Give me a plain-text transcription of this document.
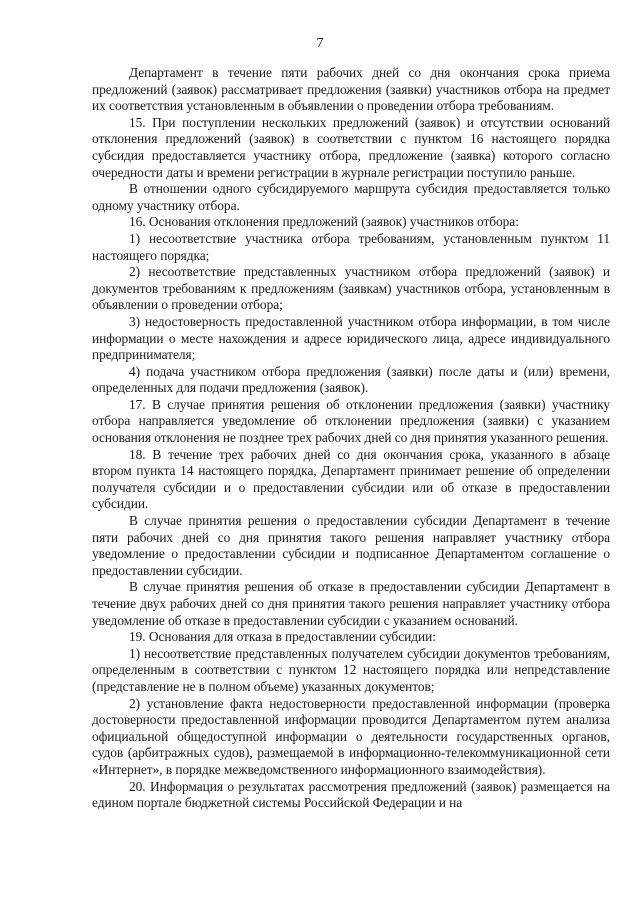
7

Департамент в течение пяти рабочих дней со дня окончания срока приема предложений (заявок) рассматривает предложения (заявки) участников отбора на предмет их соответствия установленным в объявлении о проведении отбора требованиям.

15. При поступлении нескольких предложений (заявок) и отсутствии оснований отклонения предложений (заявок) в соответствии с пунктом 16 настоящего порядка субсидия предоставляется участнику отбора, предложение (заявка) которого согласно очередности даты и времени регистрации в журнале регистрации поступило раньше.

В отношении одного субсидируемого маршрута субсидия предоставляется только одному участнику отбора.

16. Основания отклонения предложений (заявок) участников отбора:

1) несоответствие участника отбора требованиям, установленным пунктом 11 настоящего порядка;

2) несоответствие представленных участником отбора предложений (заявок) и документов требованиям к предложениям (заявкам) участников отбора, установленным в объявлении о проведении отбора;

3) недостоверность предоставленной участником отбора информации, в том числе информации о месте нахождения и адресе юридического лица, адресе индивидуального предпринимателя;

4) подача участником отбора предложения (заявки) после даты и (или) времени, определенных для подачи предложения (заявок).

17. В случае принятия решения об отклонении предложения (заявки) участнику отбора направляется уведомление об отклонении предложения (заявки) с указанием основания отклонения не позднее трех рабочих дней со дня принятия указанного решения.

18. В течение трех рабочих дней со дня окончания срока, указанного в абзаце втором пункта 14 настоящего порядка, Департамент принимает решение об определении получателя субсидии и о предоставлении субсидии или об отказе в предоставлении субсидии.

В случае принятия решения о предоставлении субсидии Департамент в течение пяти рабочих дней со дня принятия такого решения направляет участнику отбора уведомление о предоставлении субсидии и подписанное Департаментом соглашение о предоставлении субсидии.

В случае принятия решения об отказе в предоставлении субсидии Департамент в течение двух рабочих дней со дня принятия такого решения направляет участнику отбора уведомление об отказе в предоставлении субсидии с указанием оснований.

19. Основания для отказа в предоставлении субсидии:

1) несоответствие представленных получателем субсидии документов требованиям, определенным в соответствии с пунктом 12 настоящего порядка или непредставление (представление не в полном объеме) указанных документов;

2) установление факта недостоверности предоставленной информации (проверка достоверности предоставленной информации проводится Департаментом путем анализа официальной общедоступной информации о деятельности государственных органов, судов (арбитражных судов), размещаемой в информационно-телекоммуникационной сети «Интернет», в порядке межведомственного информационного взаимодействия).

20. Информация о результатах рассмотрения предложений (заявок) размещается на едином портале бюджетной системы Российской Федерации и на
